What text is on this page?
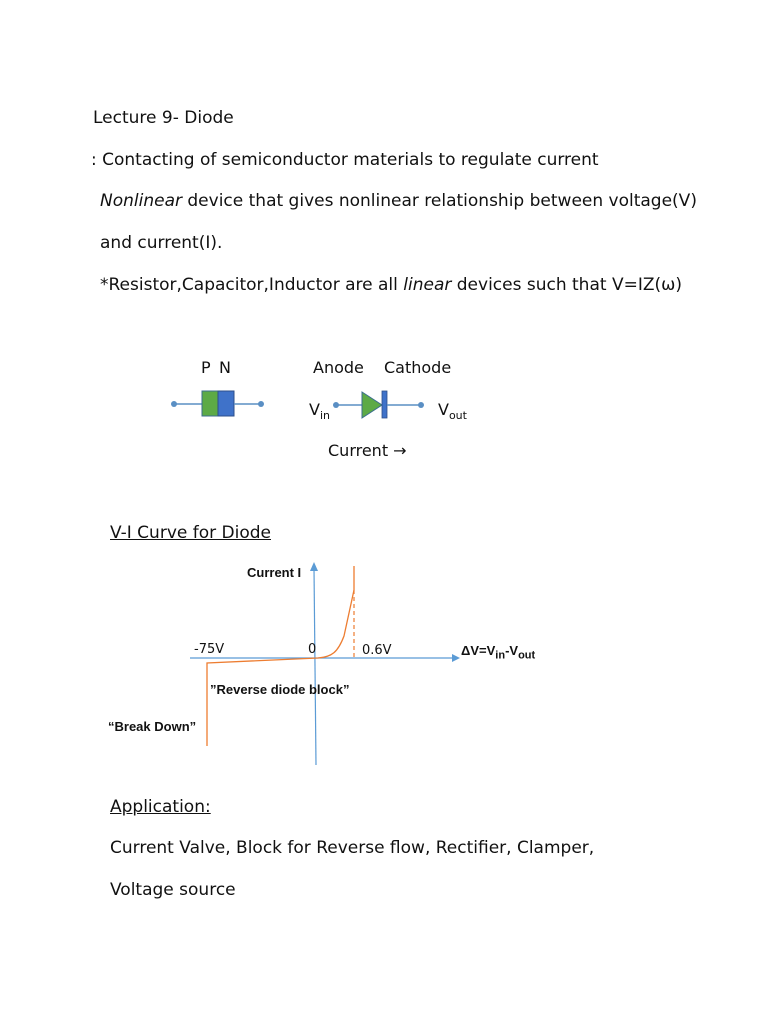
Lecture 9- Diode
: Contacting of semiconductor materials to regulate current
Nonlinear device that gives nonlinear relationship between voltage(V)
and current(I).
*Resistor,Capacitor,Inductor are all linear devices such that V=IZ(ω)
P N	Anode Cathode
$V_{in}$	$V_{out}$
Current →
V-I Curve for Diode
Current I
-75V	0	0.6V	$\Delta V=V_{in}-V_{out}$
”Reverse diode block”
“Break Down”
Application:
Current Valve, Block for Reverse flow, Rectifier, Clamper,
Voltage source
